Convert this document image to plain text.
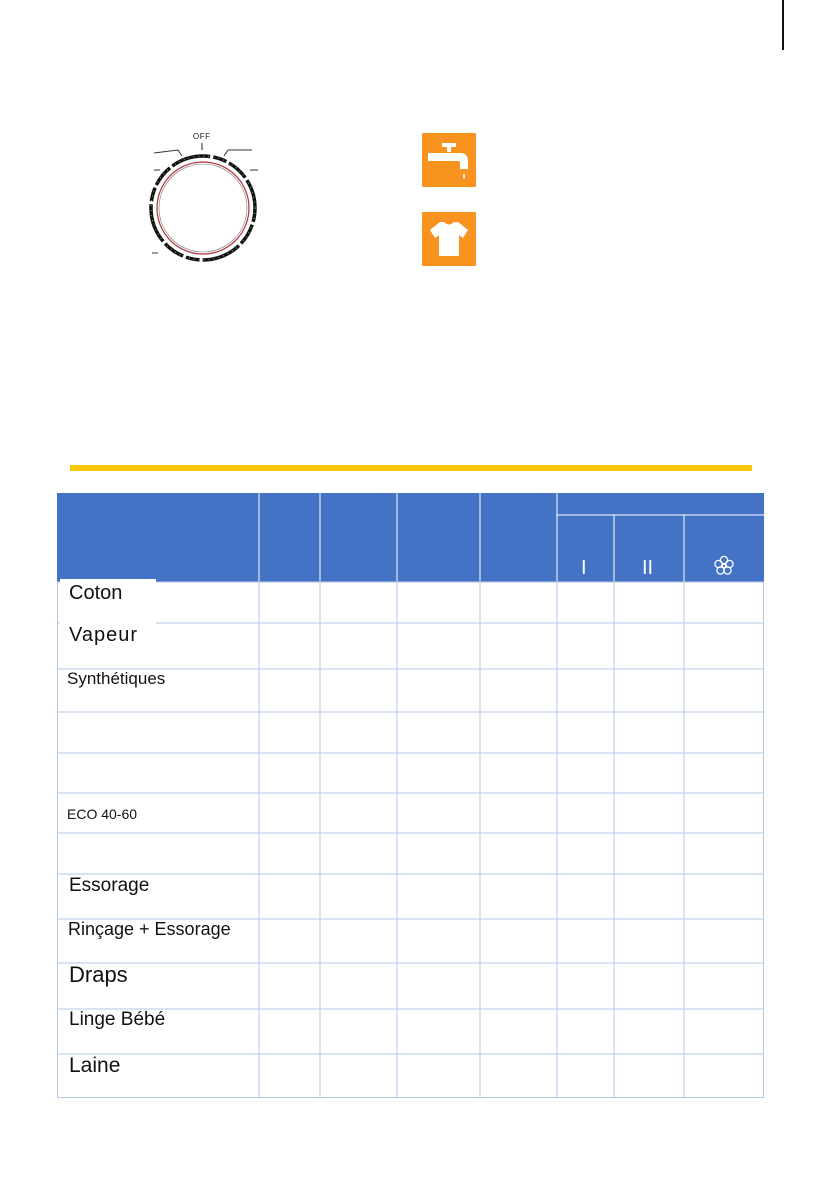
OFF
I	II
Coton
Vapeur
Synthétiques
ECO 40-60
Essorage
Rinçage + Essorage
Draps
Linge Bébé
Laine
